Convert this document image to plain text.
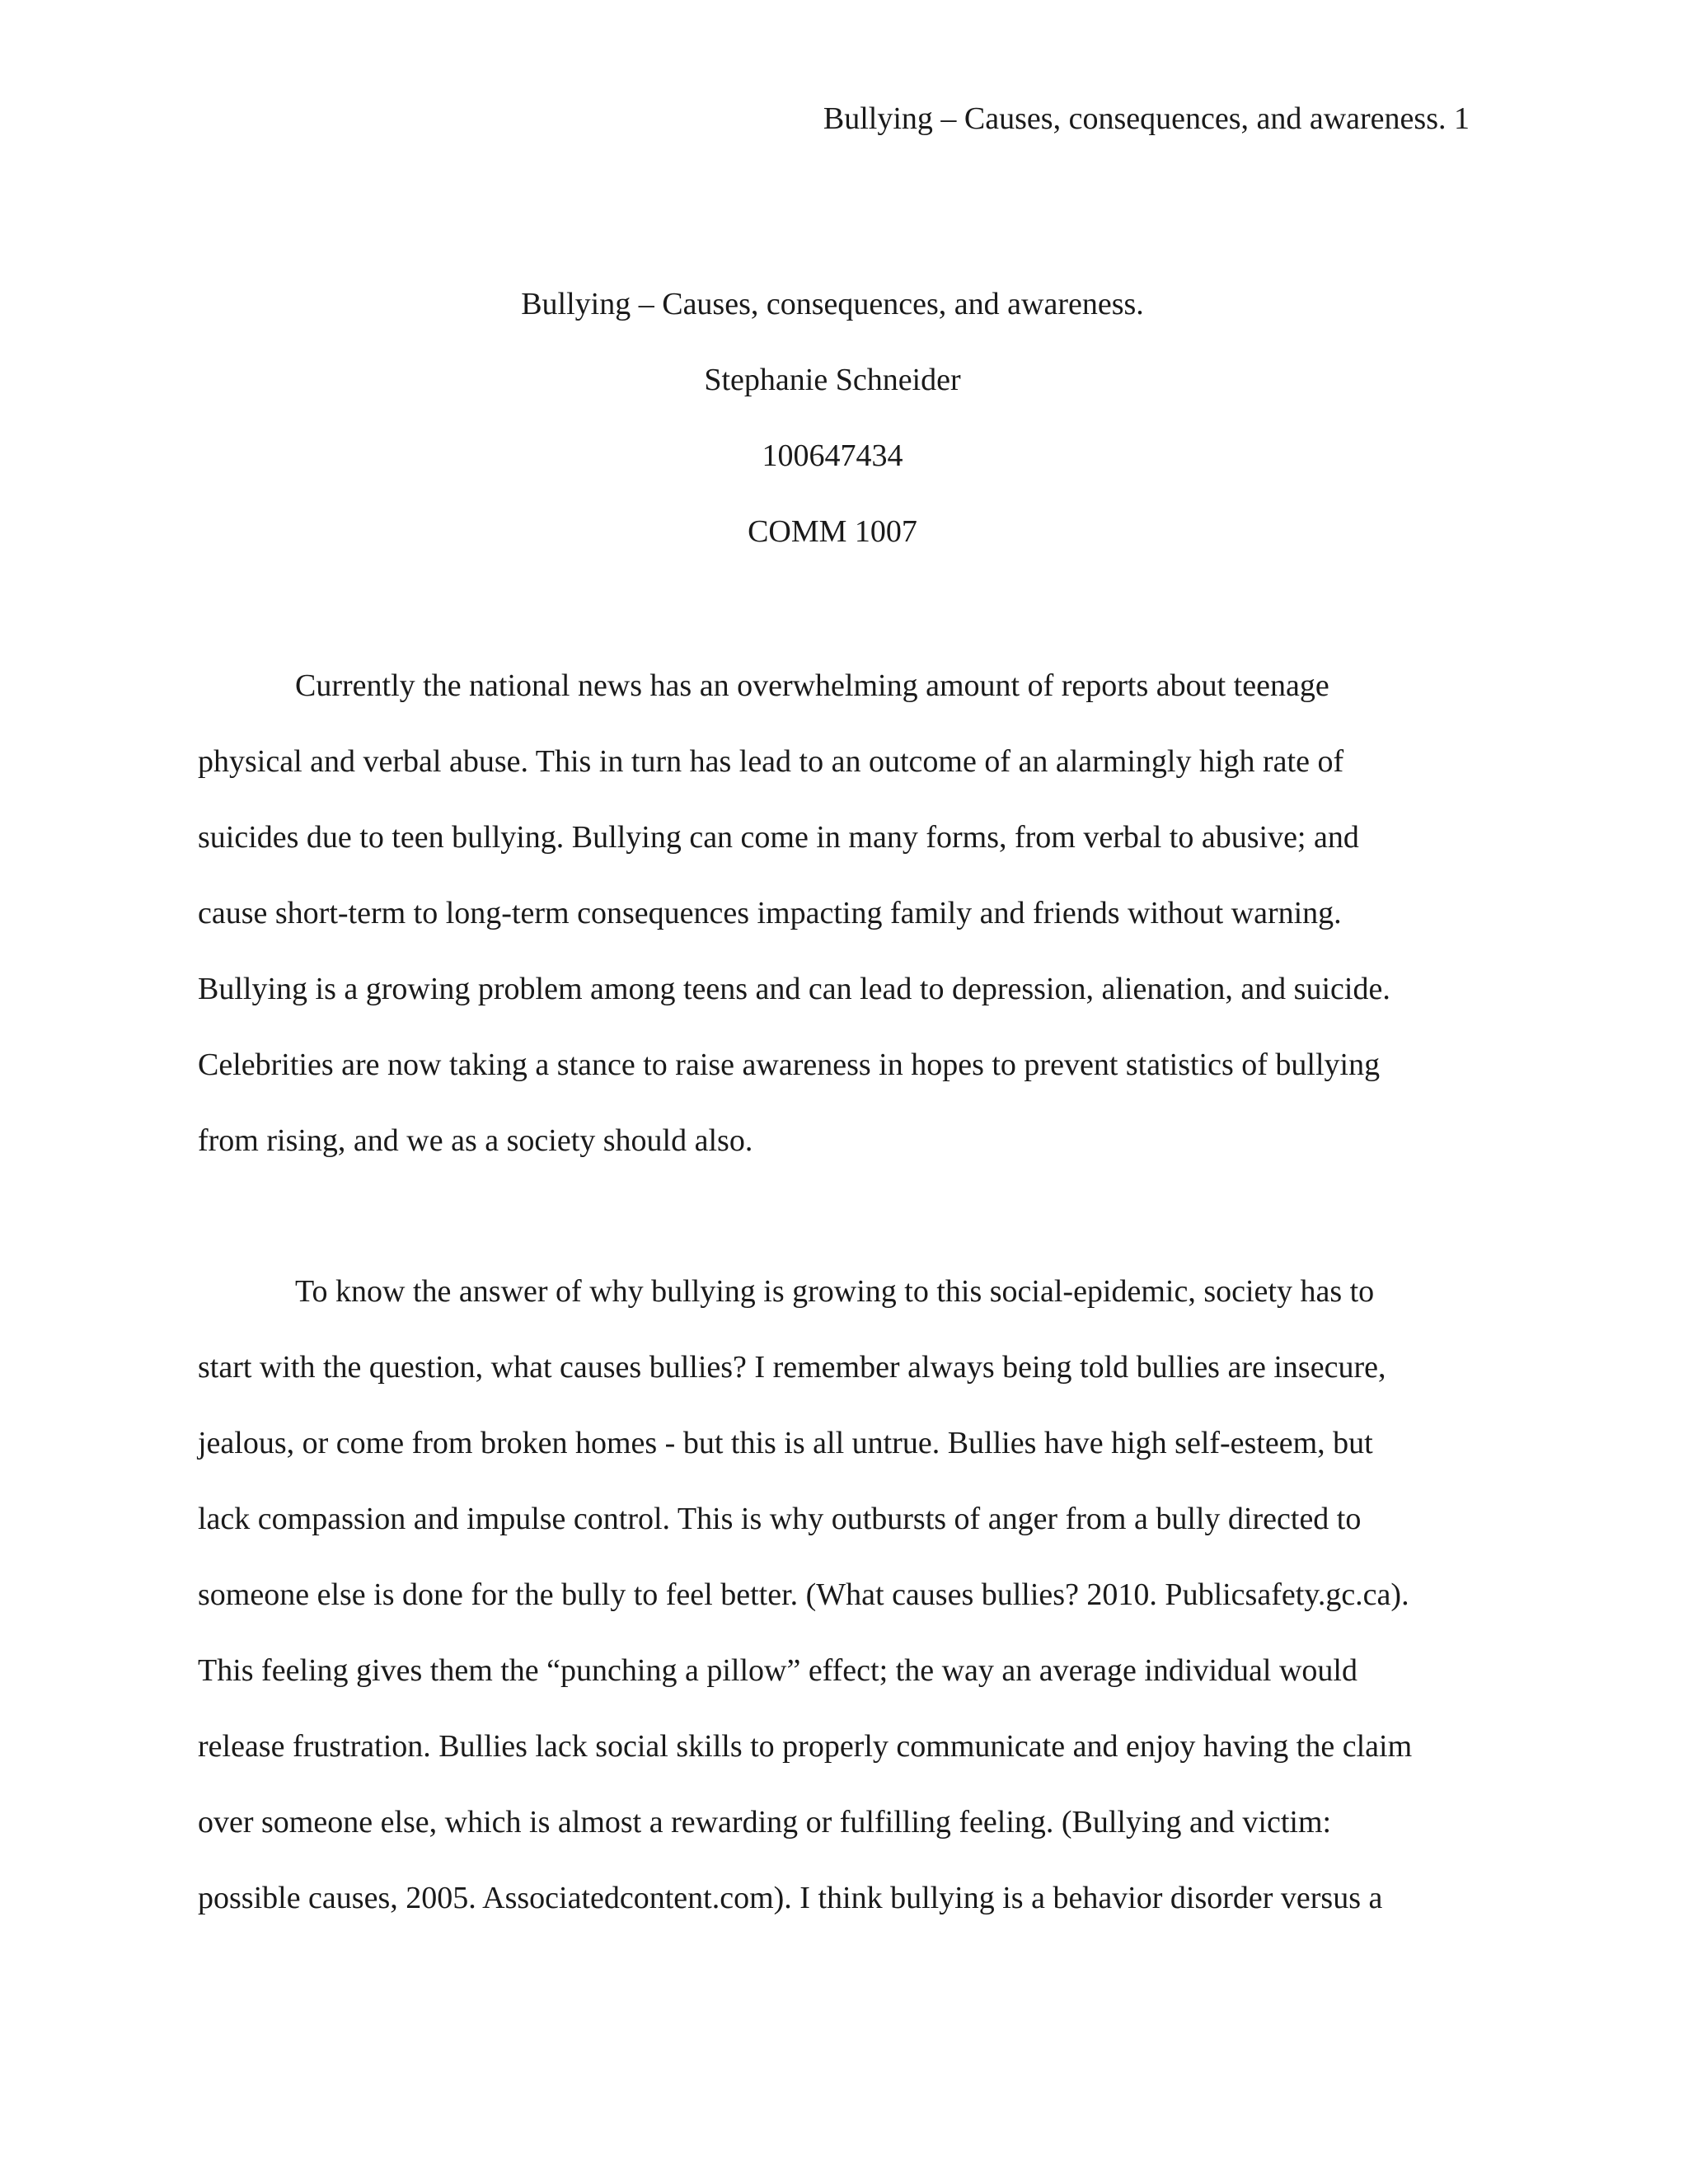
Bullying – Causes, consequences, and awareness. 1
Bullying – Causes, consequences, and awareness.
Stephanie Schneider
100647434
COMM 1007
Currently the national news has an overwhelming amount of reports about teenage
physical and verbal abuse. This in turn has lead to an outcome of an alarmingly high rate of
suicides due to teen bullying. Bullying can come in many forms, from verbal to abusive; and
cause short-term to long-term consequences impacting family and friends without warning.
Bullying is a growing problem among teens and can lead to depression, alienation, and suicide.
Celebrities are now taking a stance to raise awareness in hopes to prevent statistics of bullying
from rising, and we as a society should also.
To know the answer of why bullying is growing to this social-epidemic, society has to
start with the question, what causes bullies? I remember always being told bullies are insecure,
jealous, or come from broken homes - but this is all untrue. Bullies have high self-esteem, but
lack compassion and impulse control. This is why outbursts of anger from a bully directed to
someone else is done for the bully to feel better. (What causes bullies? 2010. Publicsafety.gc.ca).
This feeling gives them the “punching a pillow” effect; the way an average individual would
release frustration. Bullies lack social skills to properly communicate and enjoy having the claim
over someone else, which is almost a rewarding or fulfilling feeling. (Bullying and victim:
possible causes, 2005. Associatedcontent.com). I think bullying is a behavior disorder versus a
